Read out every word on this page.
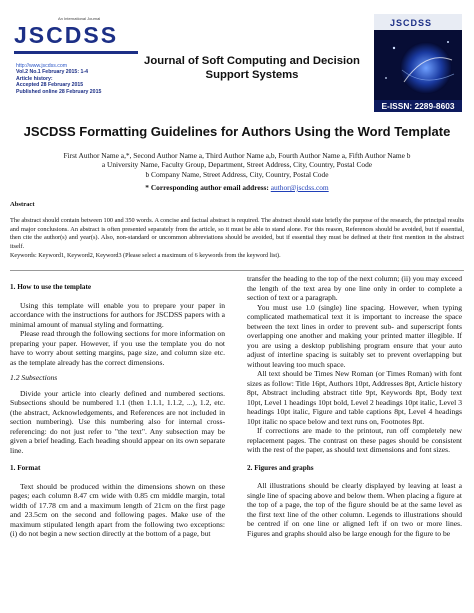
An International Journal
JSCDSS
http://www.jscdss.com
Vol.2 No.1 February 2015: 1-4
Article history:
Accepted 28 February 2015
Published online 28 February 2015
Journal of Soft Computing and Decision
Support Systems
JSCDSS
E-ISSN: 2289-8603
JSCDSS Formatting Guidelines for Authors Using the Word Template
First Author Name a,*, Second Author Name a, Third Author Name a,b, Fourth Author Name a, Fifth Author Name b
a University Name, Faculty Group, Department, Street Address, City, Country, Postal Code
b Company Name, Street Address, City, Country, Postal Code
* Corresponding author email address: author@jscdss.com
Abstract
The abstract should contain between 100 and 350 words. A concise and factual abstract is required. The abstract should state briefly the purpose of the research, the principal results and major conclusions. An abstract is often presented separately from the article, so it must be able to stand alone. For this reason, References should be avoided, but if essential, then cite the author(s) and year(s). Also, non-standard or uncommon abbreviations should be avoided, but if essential they must be defined at their first mention in the abstract itself.
Keywords: Keyword1, Keyword2, Keyword3 (Please select a maximum of 6 keywords from the keyword list).
1. How to use the template

Using this template will enable you to prepare your paper in accordance with the instructions for authors for JSCDSS papers with a minimal amount of manual styling and formatting.

Please read through the following sections for more information on preparing your paper. However, if you use the template you do not have to worry about setting margins, page size, and column size etc. as the template already has the correct dimensions.

1.2 Subsections

Divide your article into clearly defined and numbered sections. Subsections should be numbered 1.1 (then 1.1.1, 1.1.2, ...), 1.2, etc. (the abstract, Acknowledgements, and References are not included in section numbering). Use this numbering also for internal cross-referencing: do not just refer to "the text". Any subsection may be given a brief heading. Each heading should appear on its own separate line.

1. Format

Text should be produced within the dimensions shown on these pages; each column 8.47 cm wide with 0.85 cm middle margin, total width of 17.78 cm and a maximum length of 21cm on the first page and 23.5cm on the second and following pages. Make use of the maximum stipulated length apart from the following two exceptions: (i) do not begin a new section directly at the bottom of a page, but

transfer the heading to the top of the next column; (ii) you may exceed the length of the text area by one line only in order to complete a section of text or a paragraph.

You must use 1.0 (single) line spacing. However, when typing complicated mathematical text it is important to increase the space between the text lines in order to prevent sub- and superscript fonts overlapping one another and making your printed matter illegible. If you are using a desktop publishing program ensure that your auto adjust of interline spacing is suitably set to prevent overlapping but without leaving too much space.

All text should be Times New Roman (or Times Roman) with font sizes as follow: Title 16pt, Authors 10pt, Addresses 8pt, Article history 8pt, Abstract including abstract title 9pt, Keywords 8pt, Body text 10pt, Level 1 headings 10pt bold, Level 2 headings 10pt italic, Level 3 headings 10pt italic, Figure and table captions 8pt, Level 4 headings 10pt italic no space below and text runs on, Footnotes 8pt.

If corrections are made to the printout, run off completely new replacement pages. The contrast on these pages should be consistent with the rest of the paper, as should text dimensions and font sizes.

2. Figures and graphs

All illustrations should be clearly displayed by leaving at least a single line of spacing above and below them. When placing a figure at the top of a page, the top of the figure should be at the same level as the first text line of the other column. Legends to illustrations should be centred if on one line or aligned left if on two or more lines. Figures and graphs should also be large enough for the figure to be
